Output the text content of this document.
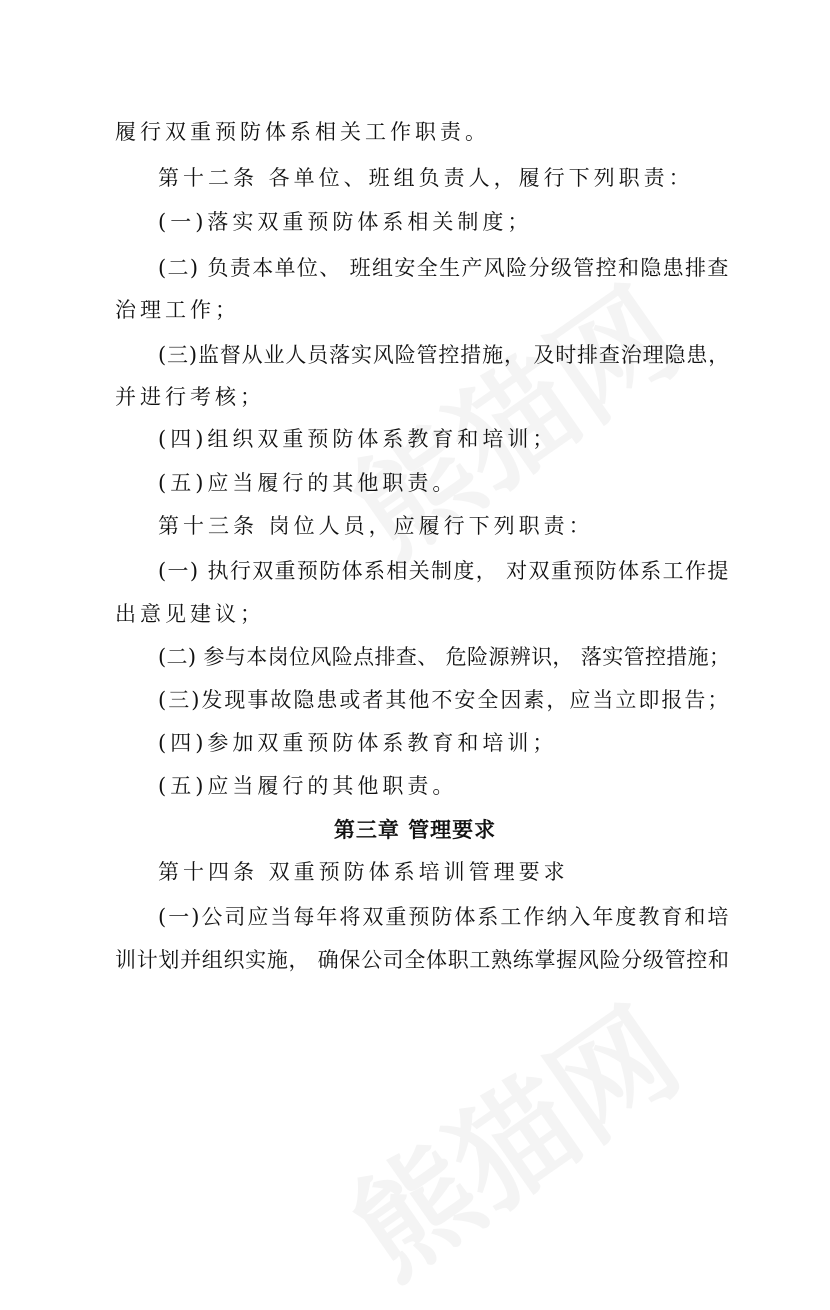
履行双重预防体系相关工作职责。
第十二条 各单位、班组负责人，履行下列职责：
(一)落实双重预防体系相关制度；
(二) 负责本单位、 班组安全生产风险分级管控和隐患排查
治理工作；
(三)监督从业人员落实风险管控措施， 及时排查治理隐患，
并进行考核；
(四)组织双重预防体系教育和培训；
(五)应当履行的其他职责。
第十三条 岗位人员，应履行下列职责：
(一) 执行双重预防体系相关制度， 对双重预防体系工作提
出意见建议；
(二) 参与本岗位风险点排查、 危险源辨识， 落实管控措施；
(三)发现事故隐患或者其他不安全因素，应当立即报告；
(四)参加双重预防体系教育和培训；
(五)应当履行的其他职责。
第三章 管理要求
第十四条 双重预防体系培训管理要求
(一)公司应当每年将双重预防体系工作纳入年度教育和培
训计划并组织实施， 确保公司全体职工熟练掌握风险分级管控和
